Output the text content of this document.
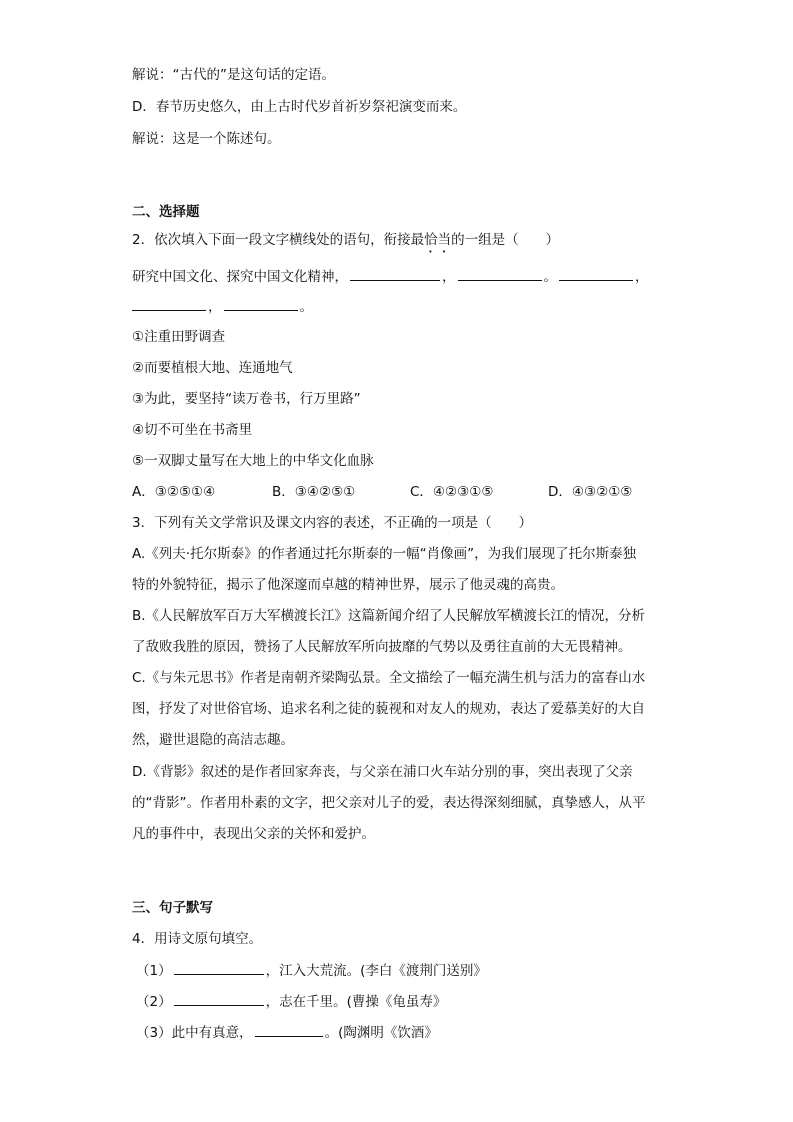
解说：“古代的”是这句话的定语。
D．春节历史悠久，由上古时代岁首祈岁祭祀演变而来。
解说：这是一个陈述句。
二、选择题
2．依次填入下面一段文字横线处的语句，衔接最恰当的一组是（　　）
研究中国文化、探究中国文化精神，	，	。	，
，	。
①注重田野调查
②而要植根大地、连通地气
③为此，要坚持“读万卷书，行万里路”
④切不可坐在书斋里
⑤一双脚丈量写在大地上的中华文化血脉
A．③②⑤①④	B．③④②⑤①	C．④②③①⑤	D．④③②①⑤
3．下列有关文学常识及课文内容的表述，不正确的一项是（　　）
A.《列夫·托尔斯泰》的作者通过托尔斯泰的一幅“肖像画”，为我们展现了托尔斯泰独
特的外貌特征，揭示了他深邃而卓越的精神世界，展示了他灵魂的高贵。
B.《人民解放军百万大军横渡长江》这篇新闻介绍了人民解放军横渡长江的情况，分析
了敌败我胜的原因，赞扬了人民解放军所向披靡的气势以及勇往直前的大无畏精神。
C.《与朱元思书》作者是南朝齐梁陶弘景。全文描绘了一幅充满生机与活力的富春山水
图，抒发了对世俗官场、追求名利之徒的藐视和对友人的规劝，表达了爱慕美好的大自
然，避世退隐的高洁志趣。
D.《背影》叙述的是作者回家奔丧，与父亲在浦口火车站分别的事，突出表现了父亲
的“背影”。作者用朴素的文字，把父亲对儿子的爱，表达得深刻细腻，真挚感人，从平
凡的事件中，表现出父亲的关怀和爱护。
三、句子默写
4．用诗文原句填空。
（1）	，江入大荒流。(李白《渡荆门送别》
（2）	，志在千里。(曹操《龟虽寿》
（3）此中有真意，	。(陶渊明《饮酒》
